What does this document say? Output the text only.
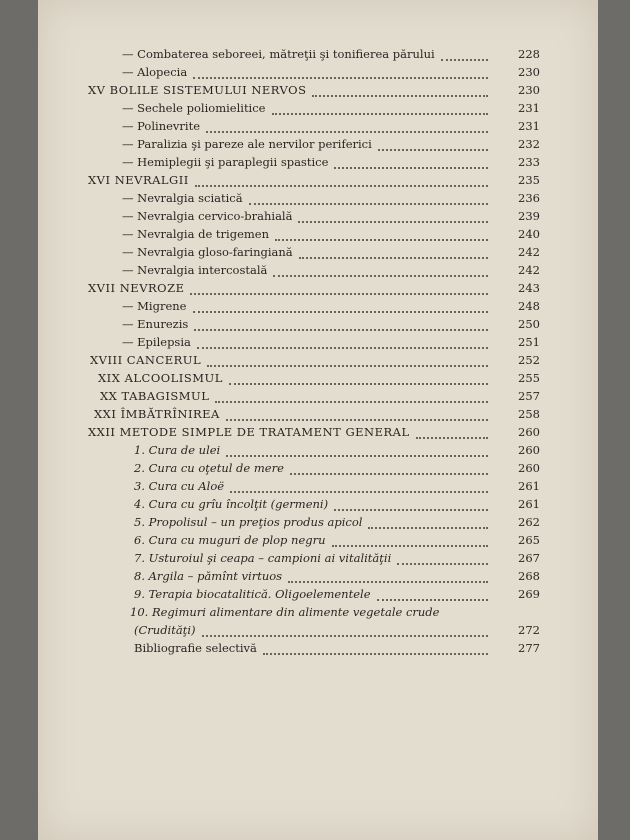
— Combaterea seboreei, mătreţii şi tonifierea părului	228
— Alopecia	230
XV BOLILE SISTEMULUI NERVOS	230
— Sechele poliomielitice	231
— Polinevrite	231
— Paralizia şi pareze ale nervilor periferici	232
— Hemiplegii şi paraplegii spastice	233
XVI NEVRALGII	235
— Nevralgia sciatică	236
— Nevralgia cervico-brahială	239
— Nevralgia de trigemen	240
— Nevralgia gloso-faringiană	242
— Nevralgia intercostală	242
XVII NEVROZE	243
— Migrene	248
— Enurezis	250
— Epilepsia	251
XVIII CANCERUL	252
XIX ALCOOLISMUL	255
XX TABAGISMUL	257
XXI ÎMBĂTRÎNIREA	258
XXII METODE SIMPLE DE TRATAMENT GENERAL	260
1. Cura de ulei	260
2. Cura cu oţetul de mere	260
3. Cura cu Aloë	261
4. Cura cu grîu încolţit (germeni)	261
5. Propolisul – un preţios produs apicol	262
6. Cura cu muguri de plop negru	265
7. Usturoiul şi ceapa – campioni ai vitalităţii	267
8. Argila – pămînt virtuos	268
9. Terapia biocatalitică. Oligoelementele	269
10. Regimuri alimentare din alimente vegetale crude
(Crudităţi)	272
Bibliografie selectivă	277
